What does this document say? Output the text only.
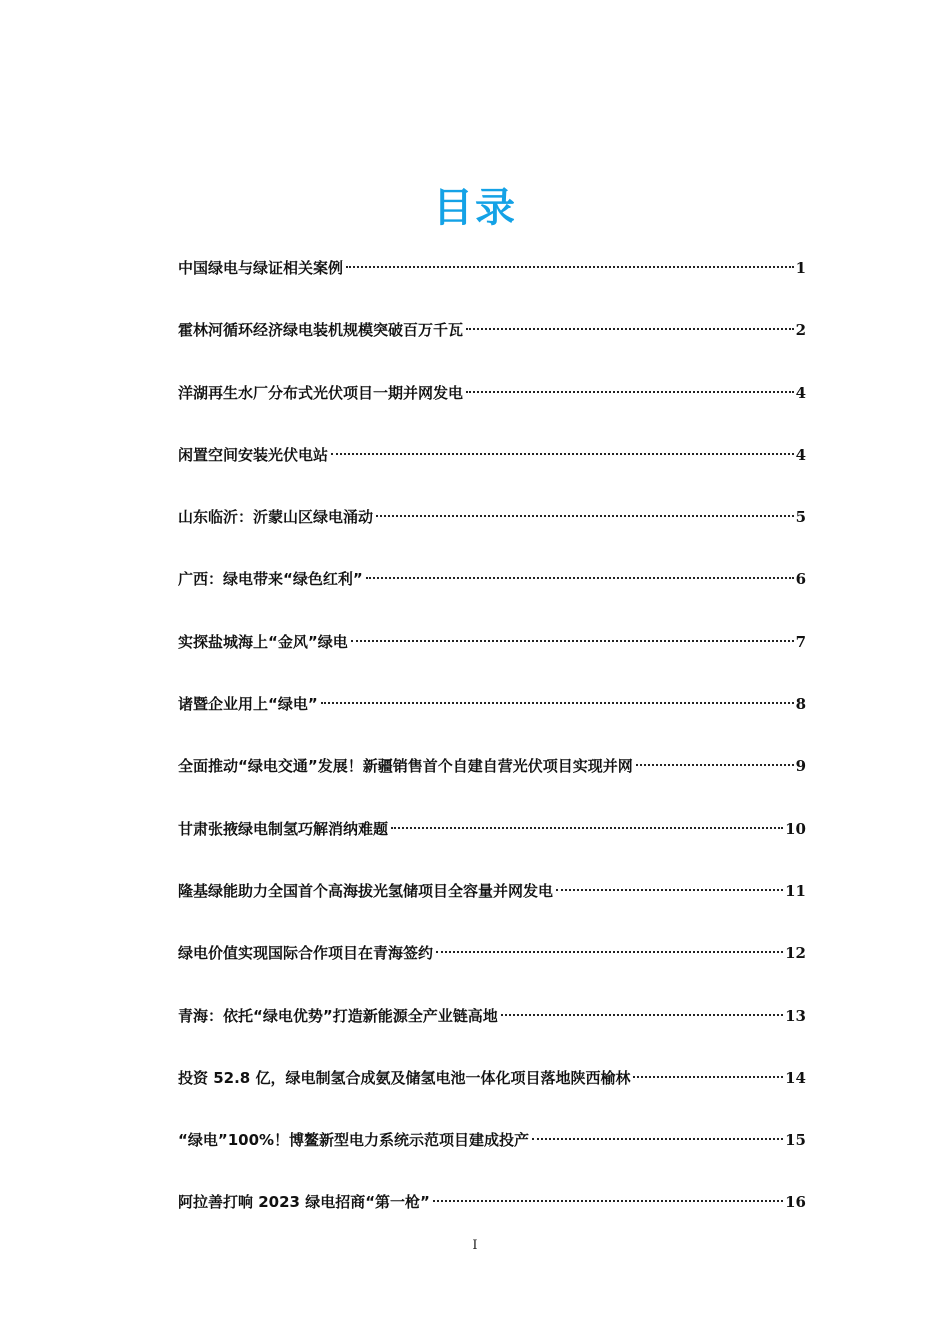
目录
中国绿电与绿证相关案例	1
霍林河循环经济绿电装机规模突破百万千瓦	2
洋湖再生水厂分布式光伏项目一期并网发电	4
闲置空间安装光伏电站	4
山东临沂：沂蒙山区绿电涌动	5
广西：绿电带来“绿色红利”	6
实探盐城海上“金风”绿电	7
诸暨企业用上“绿电”	8
全面推动“绿电交通”发展！新疆销售首个自建自营光伏项目实现并网	9
甘肃张掖绿电制氢巧解消纳难题	10
隆基绿能助力全国首个高海拔光氢储项目全容量并网发电	11
绿电价值实现国际合作项目在青海签约	12
青海：依托“绿电优势”打造新能源全产业链高地	13
投资 52.8 亿，绿电制氢合成氨及储氢电池一体化项目落地陕西榆林	14
“绿电”100%！博鳌新型电力系统示范项目建成投产	15
阿拉善打响 2023 绿电招商“第一枪”	16
I
